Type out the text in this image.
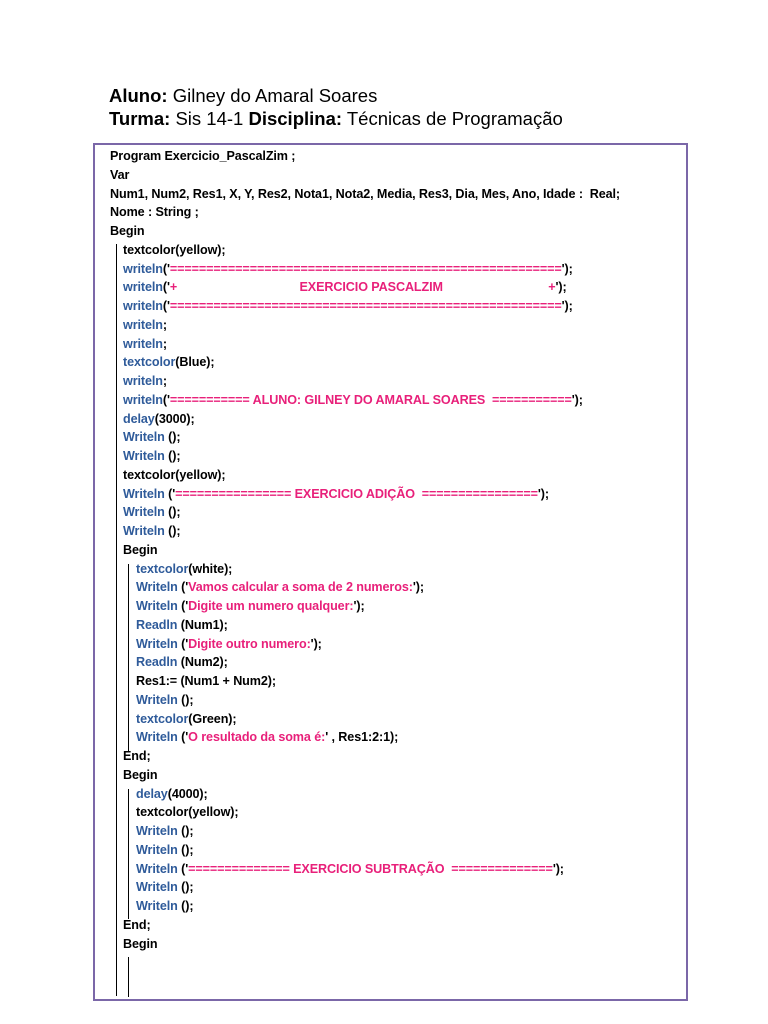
Aluno: Gilney do Amaral Soares
Turma: Sis 14-1 Disciplina: Técnicas de Programação
Program Exercicio_PascalZim ;
Var
Num1, Num2, Res1, X, Y, Res2, Nota1, Nota2, Media, Res3, Dia, Mes, Ano, Idade :  Real;
Nome : String ;
Begin
textcolor(yellow);
writeln('======================================================');
writeln('+                                    EXERCICIO PASCALZIM                               +');
writeln('======================================================');
writeln;
writeln;
textcolor(Blue);
writeln;
writeln('=========== ALUNO: GILNEY DO AMARAL SOARES  ===========');
delay(3000);
Writeln ();
Writeln ();
textcolor(yellow);
Writeln ('================ EXERCICIO ADIÇÃO  ================');
Writeln ();
Writeln ();
Begin
textcolor(white);
Writeln ('Vamos calcular a soma de 2 numeros:');
Writeln ('Digite um numero qualquer:');
Readln (Num1);
Writeln ('Digite outro numero:');
Readln (Num2);
Res1:= (Num1 + Num2);
Writeln ();
textcolor(Green);
Writeln ('O resultado da soma é:' , Res1:2:1);
End;
Begin
delay(4000);
textcolor(yellow);
Writeln ();
Writeln ();
Writeln ('============== EXERCICIO SUBTRAÇÃO  ==============');
Writeln ();
Writeln ();
End;
Begin
